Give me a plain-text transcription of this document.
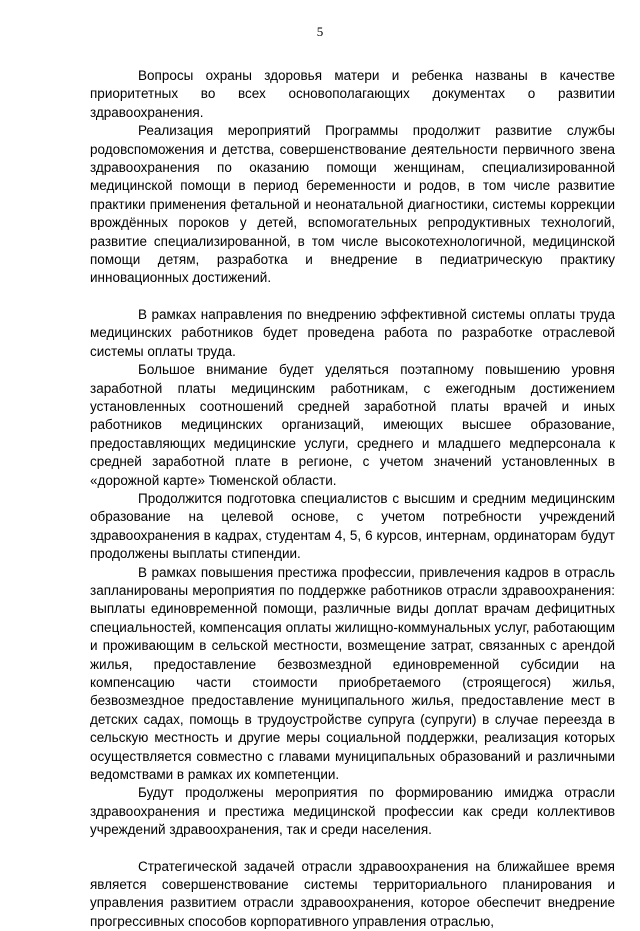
5

Вопросы охраны здоровья матери и ребенка названы в качестве приоритетных во всех основополагающих документах о развитии здравоохранения.

Реализация мероприятий Программы продолжит развитие службы родовспоможения и детства, совершенствование деятельности первичного звена здравоохранения по оказанию помощи женщинам, специализированной медицинской помощи в период беременности и родов, в том числе развитие практики применения фетальной и неонатальной диагностики, системы коррекции врождённых пороков у детей, вспомогательных репродуктивных технологий, развитие специализированной, в том числе высокотехнологичной, медицинской помощи детям, разработка и внедрение в педиатрическую практику инновационных достижений.

В рамках направления по внедрению эффективной системы оплаты труда медицинских работников будет проведена работа по разработке отраслевой системы оплаты труда.

Большое внимание будет уделяться поэтапному повышению уровня заработной платы медицинским работникам, с ежегодным достижением установленных соотношений средней заработной платы врачей и иных работников медицинских организаций, имеющих высшее образование, предоставляющих медицинские услуги, среднего и младшего медперсонала к средней заработной плате в регионе, с учетом значений установленных в «дорожной карте» Тюменской области.

Продолжится подготовка специалистов с высшим и средним медицинским образование на целевой основе, с учетом потребности учреждений здравоохранения в кадрах, студентам 4, 5, 6 курсов, интернам, ординаторам будут продолжены выплаты стипендии.

В рамках повышения престижа профессии, привлечения кадров в отрасль запланированы мероприятия по поддержке работников отрасли здравоохранения: выплаты единовременной помощи, различные виды доплат врачам дефицитных специальностей, компенсация оплаты жилищно-коммунальных услуг, работающим и проживающим в сельской местности, возмещение затрат, связанных с арендой жилья, предоставление безвозмездной единовременной субсидии на компенсацию части стоимости приобретаемого (строящегося) жилья, безвозмездное предоставление муниципального жилья, предоставление мест в детских садах, помощь в трудоустройстве супруга (супруги) в случае переезда в сельскую местность и другие меры социальной поддержки, реализация которых осуществляется совместно с главами муниципальных образований и различными ведомствами в рамках их компетенции.

Будут продолжены мероприятия по формированию имиджа отрасли здравоохранения и престижа медицинской профессии как среди коллективов учреждений здравоохранения, так и среди населения.

Стратегической задачей отрасли здравоохранения на ближайшее время является совершенствование системы территориального планирования и управления развитием отрасли здравоохранения, которое обеспечит внедрение прогрессивных способов корпоративного управления отраслью,
